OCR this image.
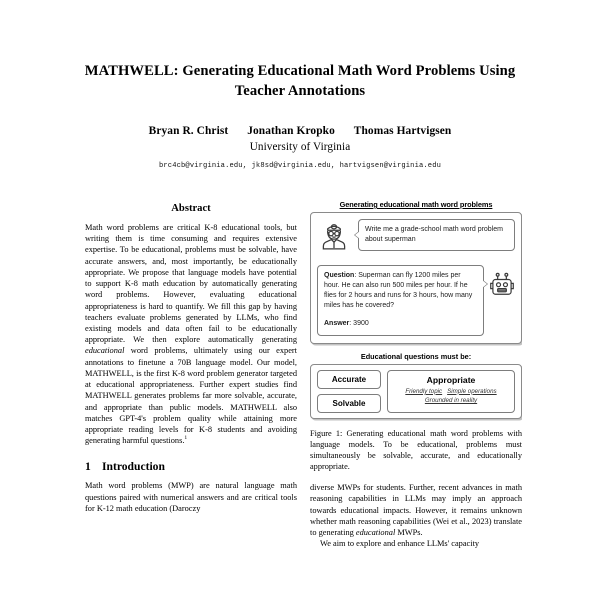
MATHWELL: Generating Educational Math Word Problems Using Teacher Annotations
Bryan R. Christ Jonathan Kropko Thomas Hartvigsen
University of Virginia
brc4cb@virginia.edu, jk8sd@virginia.edu, hartvigsen@virginia.edu
Abstract

Math word problems are critical K-8 educational tools, but writing them is time consuming and requires extensive expertise. To be educational, problems must be solvable, have accurate answers, and, most importantly, be educationally appropriate. We propose that language models have potential to support K-8 math education by automatically generating word problems. However, evaluating educational appropriateness is hard to quantify. We fill this gap by having teachers evaluate problems generated by LLMs, who find existing models and data often fail to be educationally appropriate. We then explore automatically generating educational word problems, ultimately using our expert annotations to finetune a 70B language model. Our model, MATHWELL, is the first K-8 word problem generator targeted at educational appropriateness. Further expert studies find MATHWELL generates problems far more solvable, accurate, and appropriate than public models. MATHWELL also matches GPT-4's problem quality while attaining more appropriate reading levels for K-8 students and avoiding generating harmful questions.$^1$

1 Introduction

Math word problems (MWP) are natural language math questions paired with numerical answers and are critical tools for K-12 math education (Daroczy

Generating educational math word problems
Write me a grade-school math word problem about superman
Question: Superman can fly 1200 miles per hour. He can also run 500 miles per hour. If he flies for 2 hours and runs for 3 hours, how many miles has he covered?
Answer: 3900
Educational questions must be:
Accurate
Solvable
Appropriate
Friendly topic Simple operations
Grounded in reality
Figure 1: Generating educational math word problems with language models. To be educational, problems must simultaneously be solvable, accurate, and educationally appropriate.

diverse MWPs for students. Further, recent advances in math reasoning capabilities in LLMs may imply an approach towards educational impacts. However, it remains unknown whether math reasoning capabilities (Wei et al., 2023) translate to generating educational MWPs.

We aim to explore and enhance LLMs' capacity
